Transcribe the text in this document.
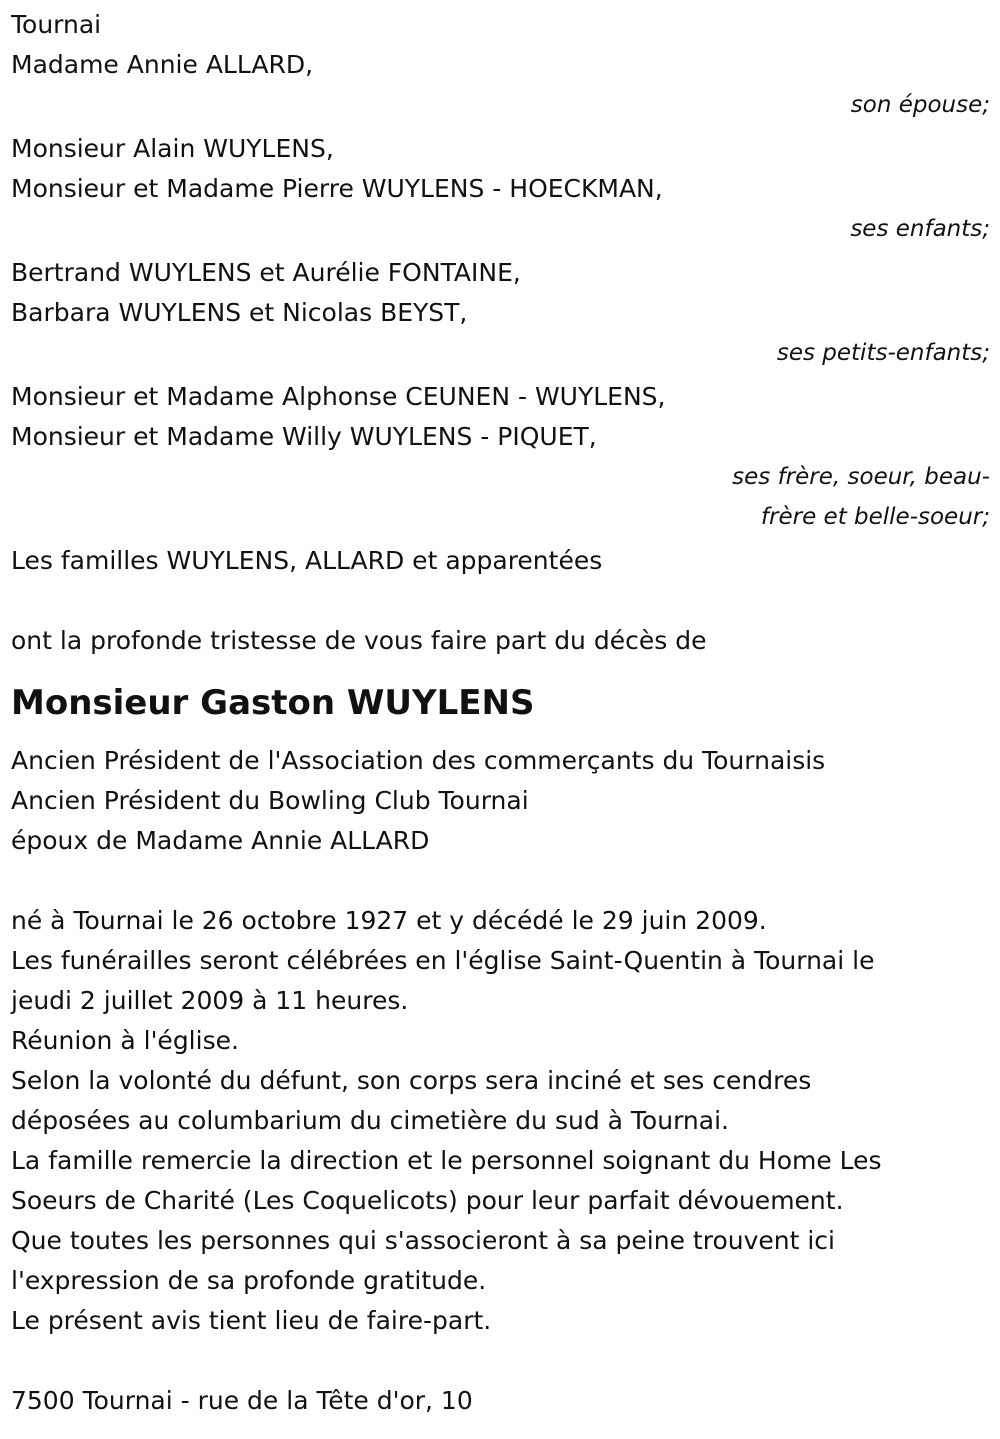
Tournai
Madame Annie ALLARD,
son épouse;
Monsieur Alain WUYLENS,
Monsieur et Madame Pierre WUYLENS - HOECKMAN,
ses enfants;
Bertrand WUYLENS et Aurélie FONTAINE,
Barbara WUYLENS et Nicolas BEYST,
ses petits-enfants;
Monsieur et Madame Alphonse CEUNEN - WUYLENS,
Monsieur et Madame Willy WUYLENS - PIQUET,
ses frère, soeur, beau-frère et belle-soeur;
Les familles WUYLENS, ALLARD et apparentées
ont la profonde tristesse de vous faire part du décès de
Monsieur Gaston WUYLENS
Ancien Président de l'Association des commerçants du Tournaisis
Ancien Président du Bowling Club Tournai
époux de Madame Annie ALLARD
né à Tournai le 26 octobre 1927 et y décédé le 29 juin 2009.
Les funérailles seront célébrées en l'église Saint-Quentin à Tournai le
jeudi 2 juillet 2009 à 11 heures.
Réunion à l'église.
Selon la volonté du défunt, son corps sera inciné et ses cendres
déposées au columbarium du cimetière du sud à Tournai.
La famille remercie la direction et le personnel soignant du Home Les
Soeurs de Charité (Les Coquelicots) pour leur parfait dévouement.
Que toutes les personnes qui s'associeront à sa peine trouvent ici
l'expression de sa profonde gratitude.
Le présent avis tient lieu de faire-part.
7500 Tournai - rue de la Tête d'or, 10
